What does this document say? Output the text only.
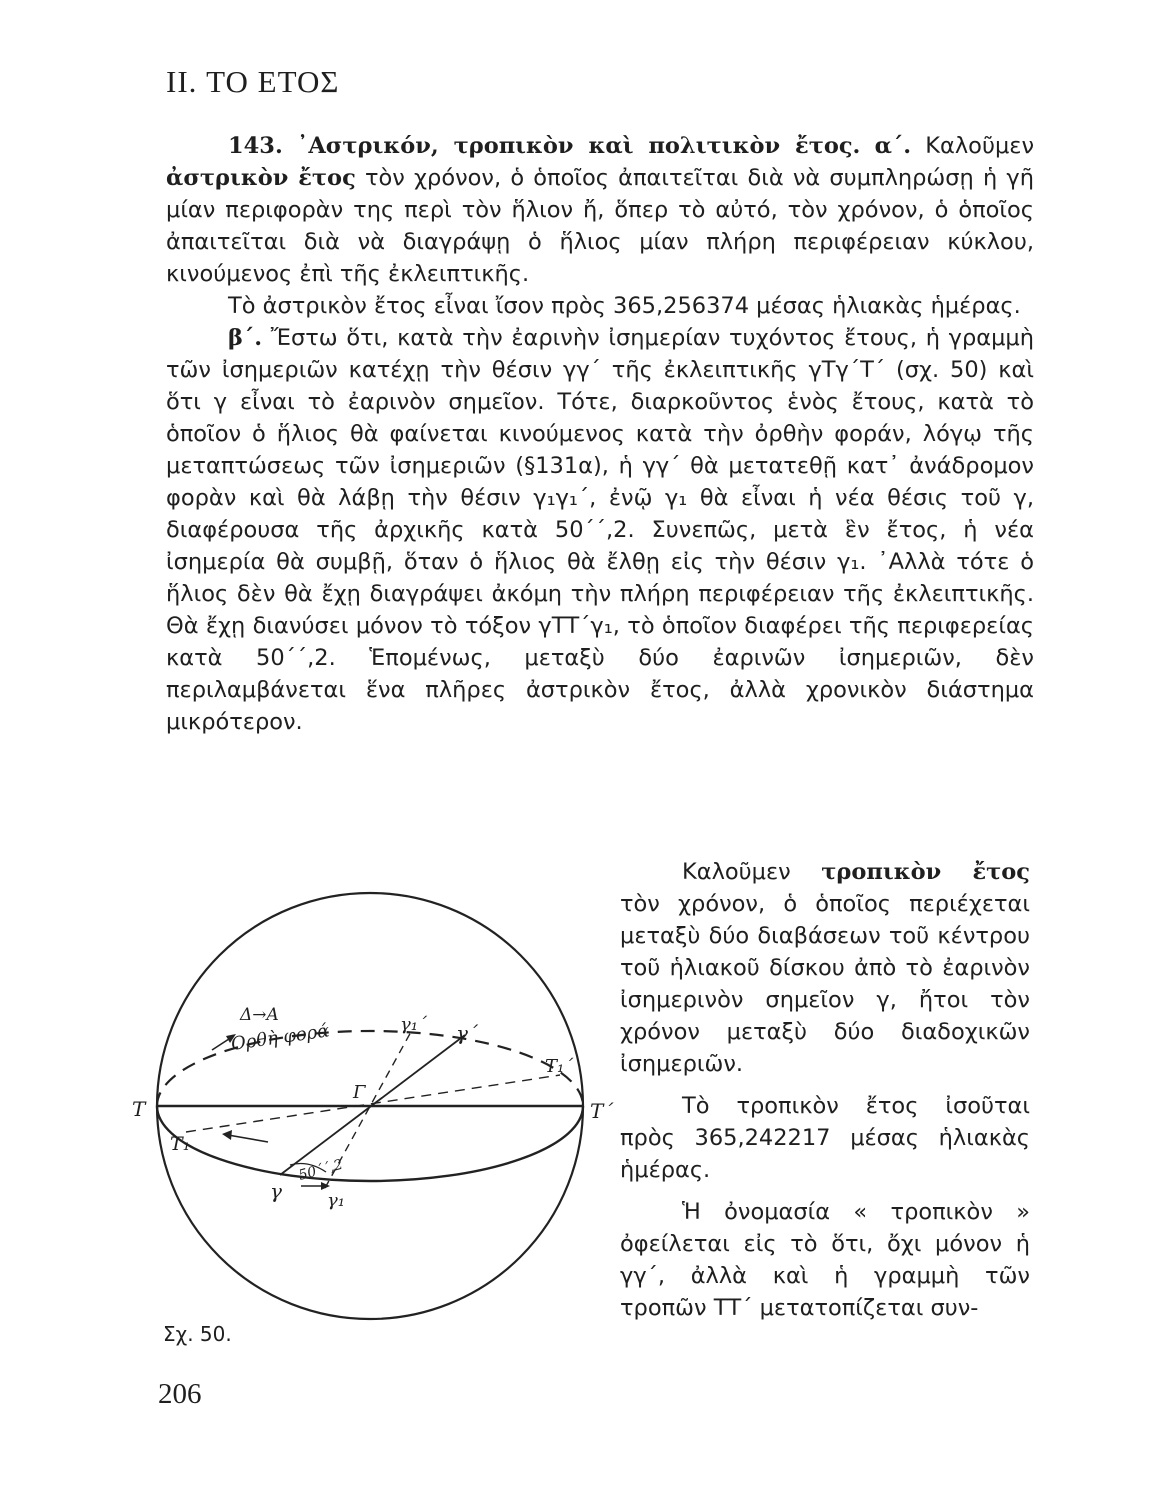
II. ΤΟ ΕΤΟΣ

143. ᾿Αστρικόν, τροπικὸν καὶ πολιτικὸν ἔτος. α΄. Καλοῦμεν ἀστρικὸν ἔτος τὸν χρόνον, ὁ ὁποῖος ἀπαιτεῖται διὰ νὰ συμπληρώσῃ ἡ γῆ μίαν περιφορὰν της περὶ τὸν ἥλιον ἤ, ὅπερ τὸ αὐτό, τὸν χρόνον, ὁ ὁποῖος ἀπαιτεῖται διὰ νὰ διαγράψῃ ὁ ἥλιος μίαν πλήρη περιφέρειαν κύκλου, κινούμενος ἐπὶ τῆς ἐκλειπτικῆς.

Τὸ ἀστρικὸν ἔτος εἶναι ἴσον πρὸς 365,256374 μέσας ἡλιακὰς ἡμέρας.

β΄. Ἔστω ὅτι, κατὰ τὴν ἐαρινὴν ἰσημερίαν τυχόντος ἔτους, ἡ γραμμὴ τῶν ἰσημεριῶν κατέχῃ τὴν θέσιν γγ΄ τῆς ἐκλειπτικῆς γΤγ΄Τ΄ (σχ. 50) καὶ ὅτι γ εἶναι τὸ ἐαρινὸν σημεῖον. Τότε, διαρκοῦντος ἑνὸς ἔτους, κατὰ τὸ ὁποῖον ὁ ἥλιος θὰ φαίνεται κινούμενος κατὰ τὴν ὀρθὴν φοράν, λόγῳ τῆς μεταπτώσεως τῶν ἰσημεριῶν (§131α), ἡ γγ΄ θὰ μετατεθῇ κατ᾿ ἀνάδρομον φορὰν καὶ θὰ λάβῃ τὴν θέσιν γ₁γ₁΄, ἐνῷ γ₁ θὰ εἶναι ἡ νέα θέσις τοῦ γ, διαφέρουσα τῆς ἀρχικῆς κατὰ 50΄΄,2. Συνεπῶς, μετὰ ἓν ἔτος, ἡ νέα ἰσημερία θὰ συμβῇ, ὅταν ὁ ἥλιος θὰ ἔλθῃ εἰς τὴν θέσιν γ₁. ᾿Αλλὰ τότε ὁ ἥλιος δὲν θὰ ἔχῃ διαγράψει ἀκόμη τὴν πλήρη περιφέρειαν τῆς ἐκλειπτικῆς. Θὰ ἔχῃ διανύσει μόνον τὸ τόξον γΤΤ΄γ₁, τὸ ὁποῖον διαφέρει τῆς περιφερείας κατὰ 50΄΄,2. Ἑπομένως, μεταξὺ δύο ἐαρινῶν ἰσημεριῶν, δὲν περιλαμβάνεται ἕνα πλῆρες ἀστρικὸν ἔτος, ἀλλὰ χρονικὸν διάστημα μικρότερον.

Καλοῦμεν τροπικὸν ἔτος τὸν χρόνον, ὁ ὁποῖος περιέχεται μεταξὺ δύο διαβάσεων τοῦ κέντρου τοῦ ἡλιακοῦ δίσκου ἀπὸ τὸ ἐαρινὸν ἰσημερινὸν σημεῖον γ, ἤτοι τὸν χρόνον μεταξὺ δύο διαδοχικῶν ἰσημεριῶν.

Τὸ τροπικὸν ἔτος ἰσοῦται πρὸς 365,242217 μέσας ἡλιακὰς ἡμέρας.

Ἡ ὀνομασία « τροπικὸν » ὀφείλεται εἰς τὸ ὅτι, ὄχι μόνον ἡ γγ΄, ἀλλὰ καὶ ἡ γραμμὴ τῶν τροπῶν ΤΤ΄ μετατοπίζεται συν-

T	T΄
T₁
T₁΄
γ	γ₁
γ΄
γ₁΄
Γ
Δ→A
Ὀρθὴ φορά
50΄΄,2
Σχ. 50.
206
